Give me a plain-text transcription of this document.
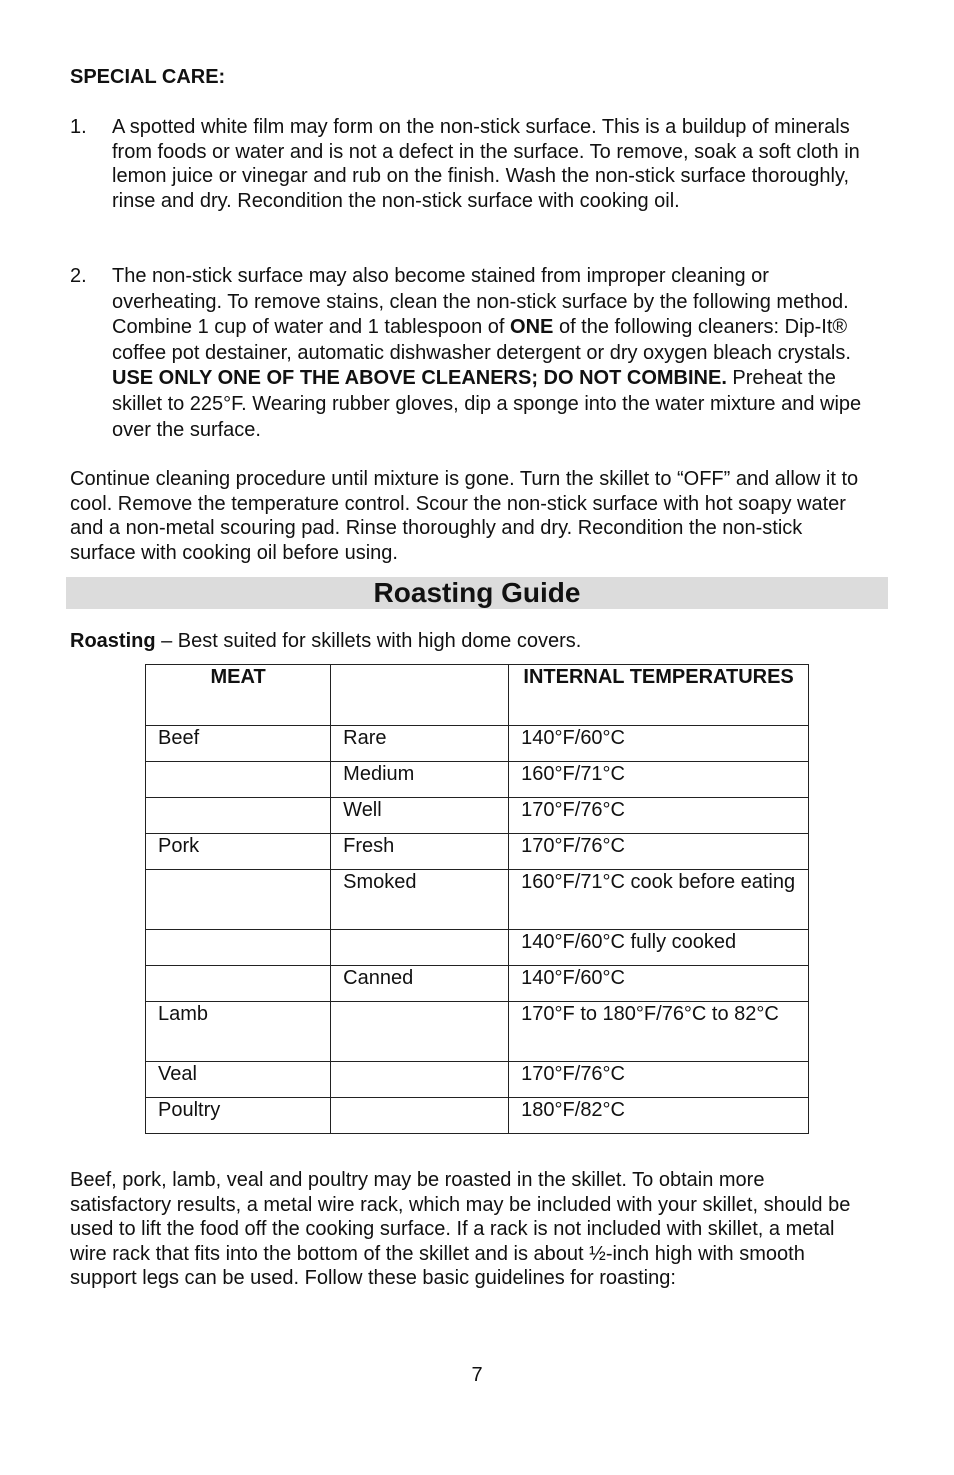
SPECIAL CARE:

1. A spotted white film may form on the non-stick surface. This is a buildup of minerals from foods or water and is not a defect in the surface. To remove, soak a soft cloth in lemon juice or vinegar and rub on the finish. Wash the non-stick surface thoroughly, rinse and dry. Recondition the non-stick surface with cooking oil.

2. The non-stick surface may also become stained from improper cleaning or overheating. To remove stains, clean the non-stick surface by the following method. Combine 1 cup of water and 1 tablespoon of ONE of the following cleaners: Dip-It® coffee pot destainer, automatic dishwasher detergent or dry oxygen bleach crystals. USE ONLY ONE OF THE ABOVE CLEANERS; DO NOT COMBINE. Preheat the skillet to 225°F. Wearing rubber gloves, dip a sponge into the water mixture and wipe over the surface.

Continue cleaning procedure until mixture is gone. Turn the skillet to “OFF” and allow it to cool. Remove the temperature control. Scour the non-stick surface with hot soapy water and a non-metal scouring pad. Rinse thoroughly and dry. Recondition the non-stick surface with cooking oil before using.

Roasting Guide

Roasting – Best suited for skillets with high dome covers.

MEAT		INTERNAL TEMPERATURES
Beef	Rare	140°F/60°C
	Medium	160°F/71°C
	Well	170°F/76°C
Pork	Fresh	170°F/76°C
	Smoked	160°F/71°C cook before eating
		140°F/60°C fully cooked
	Canned	140°F/60°C
Lamb		170°F to 180°F/76°C to 82°C
Veal		170°F/76°C
Poultry		180°F/82°C

Beef, pork, lamb, veal and poultry may be roasted in the skillet. To obtain more satisfactory results, a metal wire rack, which may be included with your skillet, should be used to lift the food off the cooking surface. If a rack is not included with skillet, a metal wire rack that fits into the bottom of the skillet and is about ½-inch high with smooth support legs can be used. Follow these basic guidelines for roasting:

7
